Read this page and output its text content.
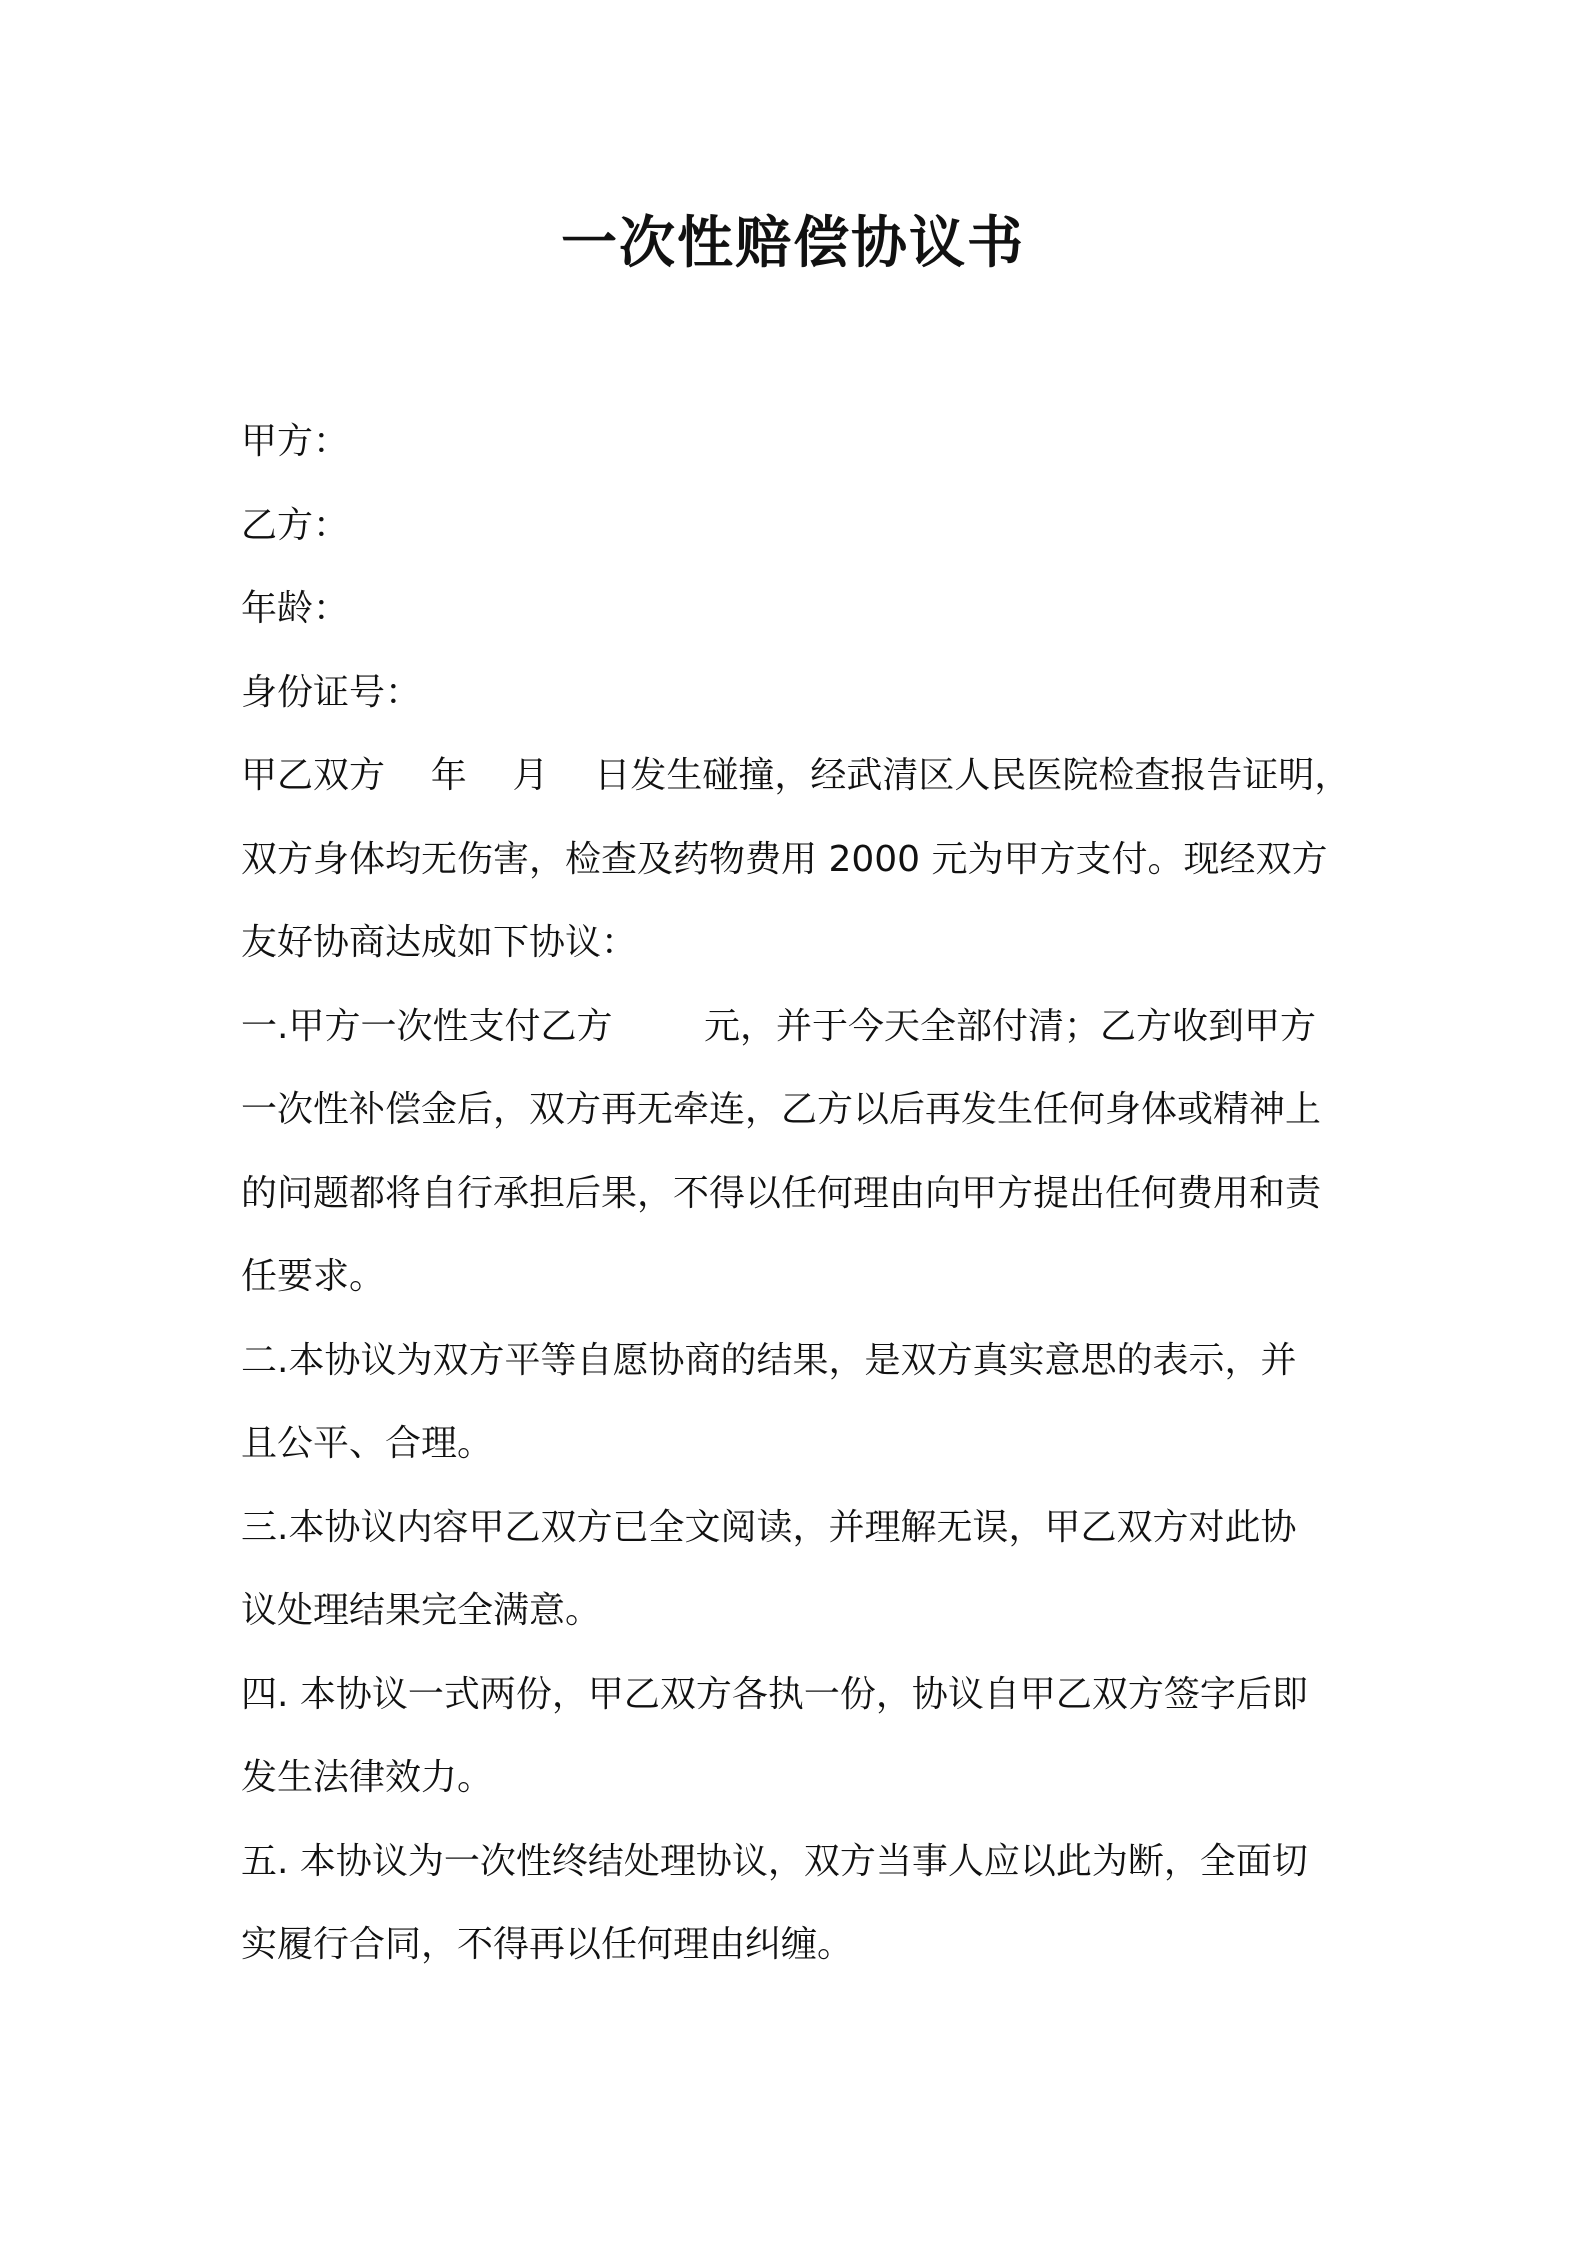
一次性赔偿协议书
甲方：
乙方：
年龄：
身份证号：
甲乙双方    年    月    日发生碰撞，经武清区人民医院检查报告证明，
双方身体均无伤害，检查及药物费用 2000 元为甲方支付。现经双方
友好协商达成如下协议：
一.甲方一次性支付乙方        元，并于今天全部付清；乙方收到甲方
一次性补偿金后，双方再无牵连，乙方以后再发生任何身体或精神上
的问题都将自行承担后果，不得以任何理由向甲方提出任何费用和责
任要求。
二.本协议为双方平等自愿协商的结果，是双方真实意思的表示，并
且公平、合理。
三.本协议内容甲乙双方已全文阅读，并理解无误，甲乙双方对此协
议处理结果完全满意。
四. 本协议一式两份，甲乙双方各执一份，协议自甲乙双方签字后即
发生法律效力。
五. 本协议为一次性终结处理协议，双方当事人应以此为断，全面切
实履行合同，不得再以任何理由纠缠。
